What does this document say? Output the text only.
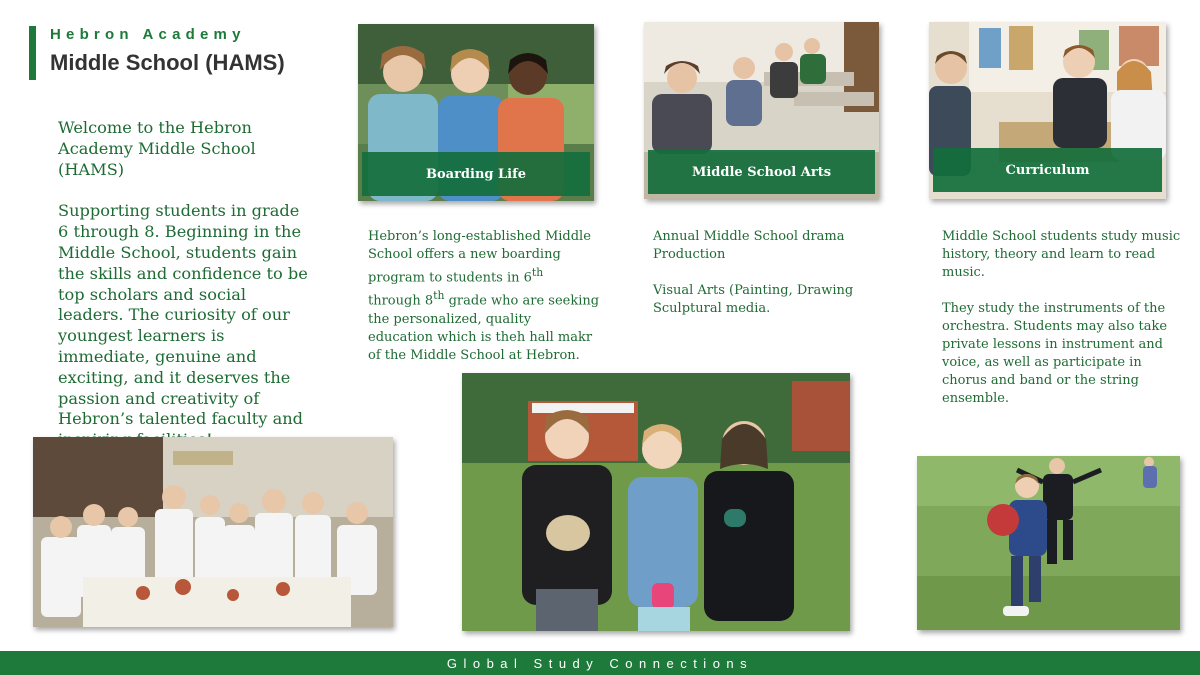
Hebron Academy
Middle School (HAMS)

Welcome to the Hebron Academy Middle School (HAMS)

Supporting students in grade 6 through 8. Beginning in the Middle School, students gain the skills and confidence to be top scholars and social leaders. The curiosity of our youngest learners is immediate, genuine and exciting, and it deserves the passion and creativity of Hebron’s talented faculty and

Boarding Life	Middle School Arts	Curriculum

Hebron’s long-established Middle School offers a new boarding program to students in 6th through 8th grade who are seeking the personalized, quality education which is theh hall makr of the Middle School at Hebron.

Annual Middle School drama Production

Visual Arts (Painting, Drawing Sculptural media.

Middle School students study music history, theory and learn to read music.

They study the instruments of the orchestra. Students may also take private lessons in instrument and voice, as well as participate in chorus and band or the string ensemble.

Global Study Connections
